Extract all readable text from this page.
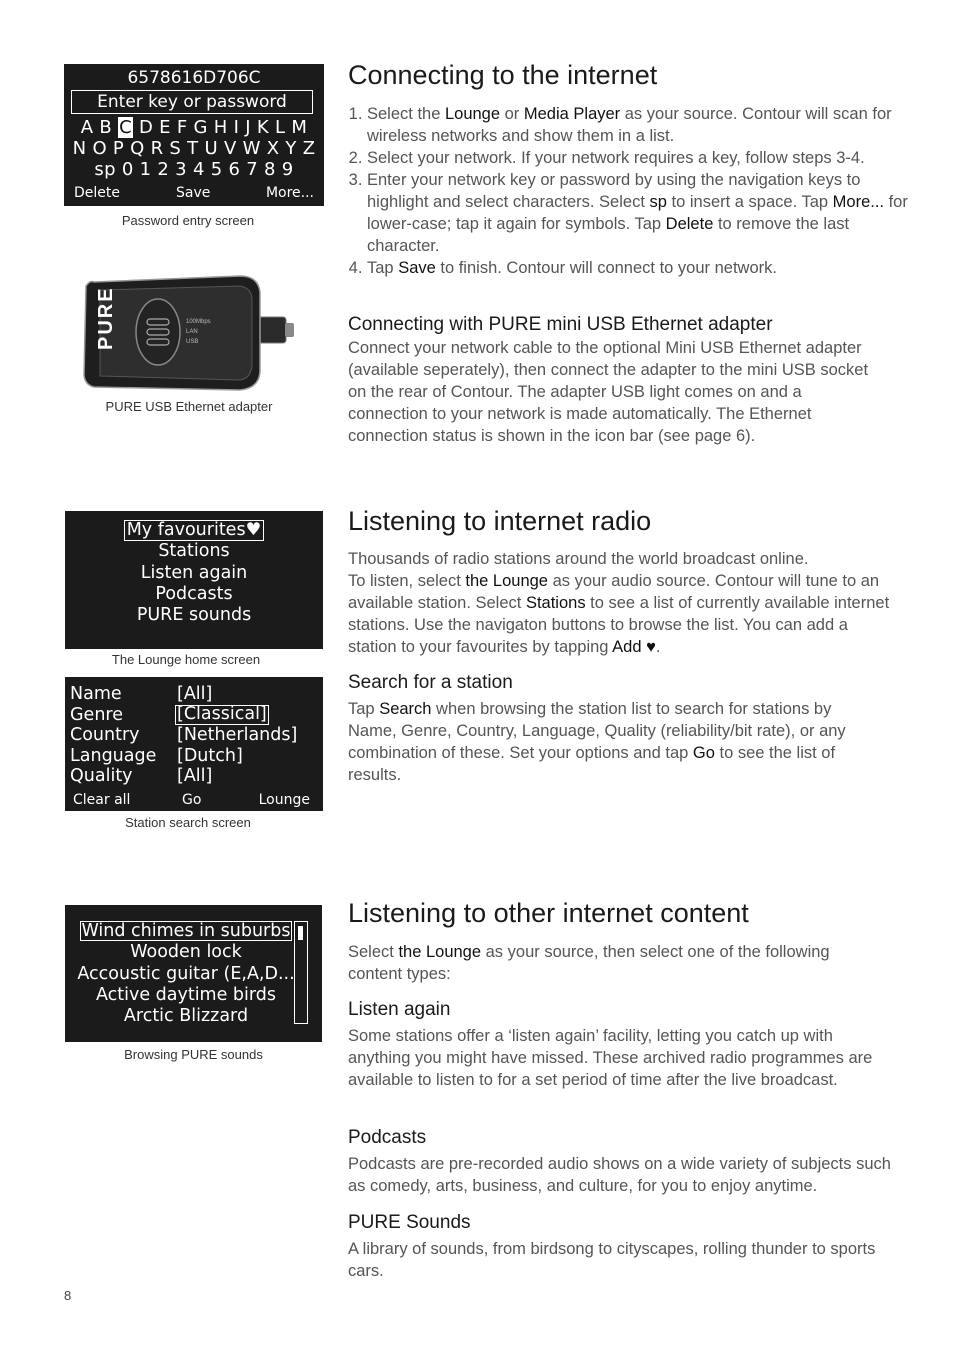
6578616D706C
Enter key or password
A B C D E F G H I J K L M
N O P Q R S T U V W X Y Z
sp 0 1 2 3 4 5 6 7 8 9
Delete	Save	More...
Password entry screen
PURE	100Mbps
LAN
USB
PURE USB Ethernet adapter
My favourites♥
Stations
Listen again
Podcasts
PURE sounds
The Lounge home screen
Name	[All]
Genre	[Classical]
Country	[Netherlands]
Language	[Dutch]
Quality	[All]
Clear all	Go	Lounge
Station search screen
Wind chimes in suburbs
Wooden lock
Accoustic guitar (E,A,D...
Active daytime birds
Arctic Blizzard
Browsing PURE sounds
Connecting to the internet
1. Select the Lounge or Media Player as your source. Contour will scan for wireless networks and show them in a list.
2. Select your network. If your network requires a key, follow steps 3-4.
3. Enter your network key or password by using the navigation keys to highlight and select characters. Select sp to insert a space. Tap More... for lower-case; tap it again for symbols. Tap Delete to remove the last character.
4. Tap Save to finish. Contour will connect to your network.
Connecting with PURE mini USB Ethernet adapter

Connect your network cable to the optional Mini USB Ethernet adapter (available seperately), then connect the adapter to the mini USB socket on the rear of Contour. The adapter USB light comes on and a connection to your network is made automatically. The Ethernet connection status is shown in the icon bar (see page 6).

Listening to internet radio

Thousands of radio stations around the world broadcast online.

To listen, select the Lounge as your audio source. Contour will tune to an available station. Select Stations to see a list of currently available internet stations. Use the navigaton buttons to browse the list. You can add a station to your favourites by tapping Add ♥.

Search for a station

Tap Search when browsing the station list to search for stations by Name, Genre, Country, Language, Quality (reliability/bit rate), or any combination of these. Set your options and tap Go to see the list of results.

Listening to other internet content

Select the Lounge as your source, then select one of the following content types:

Listen again

Some stations offer a ‘listen again’ facility, letting you catch up with anything you might have missed. These archived radio programmes are available to listen to for a set period of time after the live broadcast.

Podcasts

Podcasts are pre-recorded audio shows on a wide variety of subjects such as comedy, arts, business, and culture, for you to enjoy anytime.

PURE Sounds

A library of sounds, from birdsong to cityscapes, rolling thunder to sports cars.

8
